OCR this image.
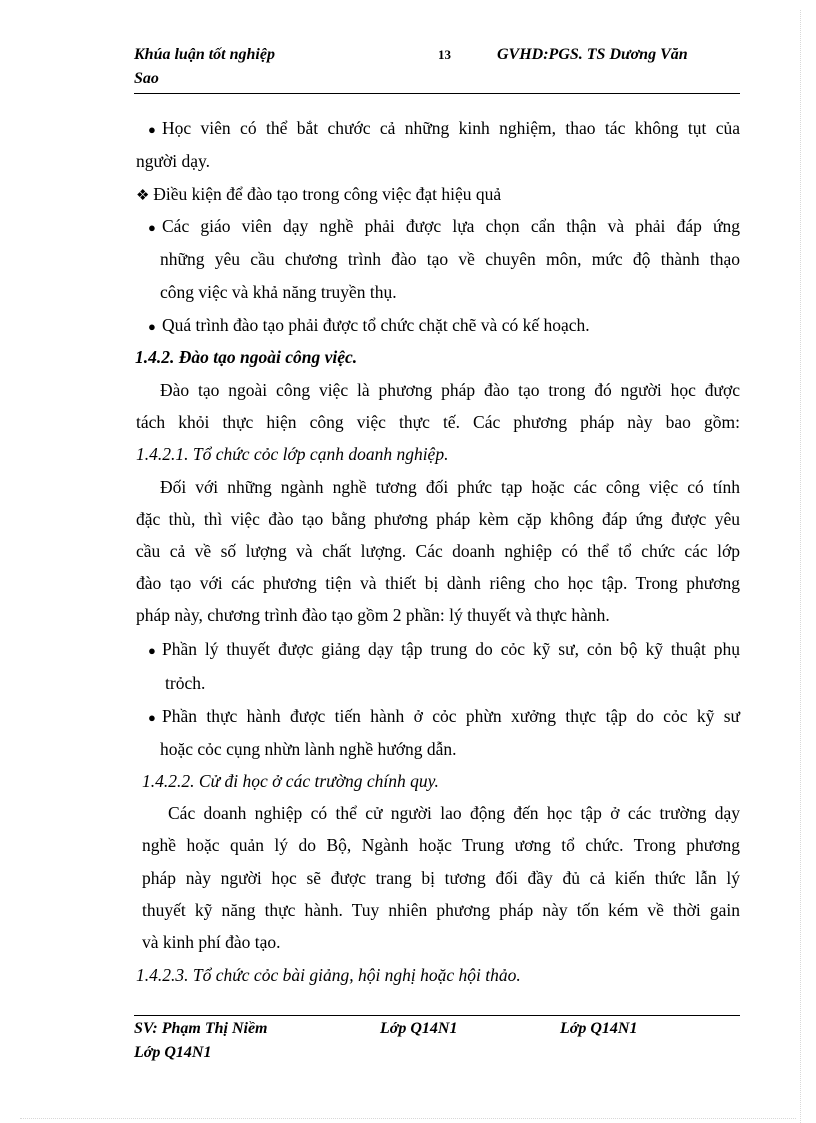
Khúa luận tốt nghiệp
Sao
13	GVHD:PGS. TS Dương Văn
● Học viên có thể bắt chước cả những kinh nghiệm, thao tác không tụt của
người dạy.
❖ Điều kiện để đào tạo trong công việc đạt hiệu quả
● Các giáo viên dạy nghề phải được lựa chọn cẩn thận và phải đáp ứng
những yêu cầu chương trình đào tạo về chuyên môn, mức độ thành thạo
công việc và khả năng truyền thụ.
● Quá trình đào tạo phải được tổ chức chặt chẽ và có kế hoạch.
1.4.2. Đào tạo ngoài công việc.
Đào tạo ngoài công việc là phương pháp đào tạo trong đó người học được
tách khỏi thực hiện công việc thực tế. Các phương pháp này bao gồm:
1.4.2.1. Tổ chức cỏc lớp cạnh doanh nghiệp.
Đối với những ngành nghề tương đối phức tạp hoặc các công việc có tính
đặc thù, thì việc đào tạo bằng phương pháp kèm cặp không đáp ứng được yêu
cầu cả về số lượng và chất lượng. Các doanh nghiệp có thể tổ chức các lớp
đào tạo với các phương tiện và thiết bị dành riêng cho học tập. Trong phương
pháp này, chương trình đào tạo gồm 2 phần: lý thuyết và thực hành.
● Phần lý thuyết được giảng dạy tập trung do cỏc kỹ sư, cỏn bộ kỹ thuật phụ
trỏch.
● Phần thực hành được tiến hành ở cỏc phừn xưởng thực tập do cỏc kỹ sư
hoặc cỏc cụng nhừn lành nghề hướng dẫn.
1.4.2.2. Cử đi học ở các trường chính quy.
Các doanh nghiệp có thể cử người lao động đến học tập ở các trường dạy
nghề hoặc quản lý do Bộ, Ngành hoặc Trung ương tổ chức. Trong phương
pháp này người học sẽ được trang bị tương đối đầy đủ cả kiến thức lẫn lý
thuyết kỹ năng thực hành. Tuy nhiên phương pháp này tốn kém về thời gain
và kinh phí đào tạo.
1.4.2.3. Tổ chức cỏc bài giảng, hội nghị hoặc hội thảo.
SV: Phạm Thị Niềm	Lớp Q14N1	Lớp Q14N1
Lớp Q14N1
